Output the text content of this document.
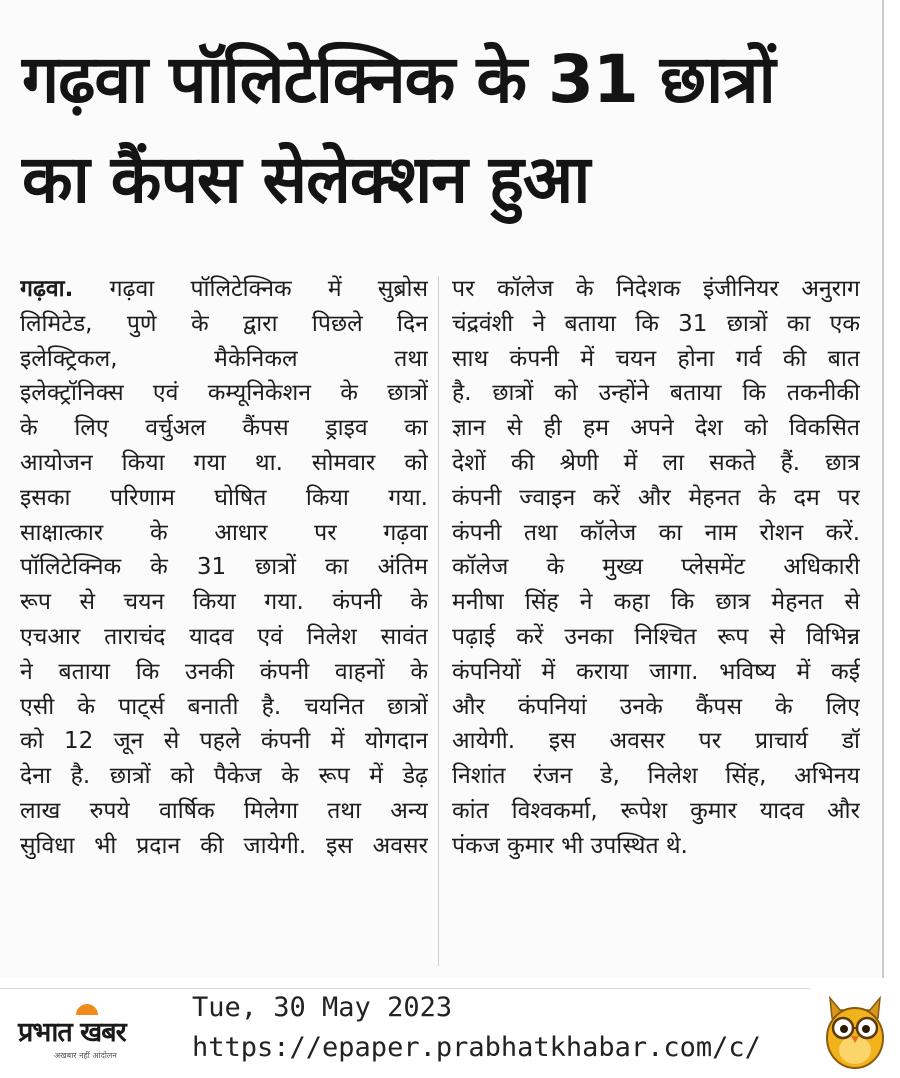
गढ़वा पॉलिटेक्निक के 31 छात्रों
का कैंपस सेलेक्शन हुआ
गढ़वा. गढ़वा पॉलिटेक्निक में सुब्रोस
लिमिटेड, पुणे के द्वारा पिछले दिन
इलेक्ट्रिकल, मैकेनिकल तथा
इलेक्ट्रॉनिक्स एवं कम्यूनिकेशन के छात्रों
के लिए वर्चुअल कैंपस ड्राइव का
आयोजन किया गया था. सोमवार को
इसका परिणाम घोषित किया गया.
साक्षात्कार के आधार पर गढ़वा
पॉलिटेक्निक के 31 छात्रों का अंतिम
रूप से चयन किया गया. कंपनी के
एचआर ताराचंद यादव एवं निलेश सावंत
ने बताया कि उनकी कंपनी वाहनों के
एसी के पाट्‌र्स बनाती है. चयनित छात्रों
को 12 जून से पहले कंपनी में योगदान
देना है. छात्रों को पैकेज के रूप में डेढ़
लाख रुपये वार्षिक मिलेगा तथा अन्य
सुविधा भी प्रदान की जायेगी. इस अवसर
पर कॉलेज के निदेशक इंजीनियर अनुराग
चंद्रवंशी ने बताया कि 31 छात्रों का एक
साथ कंपनी में चयन होना गर्व की बात
है. छात्रों को उन्होंने बताया कि तकनीकी
ज्ञान से ही हम अपने देश को विकसित
देशों की श्रेणी में ला सकते हैं. छात्र
कंपनी ज्वाइन करें और मेहनत के दम पर
कंपनी तथा कॉलेज का नाम रोशन करें.
कॉलेज के मुख्य प्लेसमेंट अधिकारी
मनीषा सिंह ने कहा कि छात्र मेहनत से
पढ़ाई करें उनका निश्चित रूप से विभिन्न
कंपनियों में कराया जागा. भविष्य में कई
और कंपनियां उनके कैंपस के लिए
आयेगी. इस अवसर पर प्राचार्य डॉ
निशांत रंजन डे, निलेश सिंह, अभिनय
कांत विश्वकर्मा, रूपेश कुमार यादव और
पंकज कुमार भी उपस्थित थे.
प्रभात खबर
अखबार नहीं आंदोलन
Tue, 30 May 2023
https://epaper.prabhatkhabar.com/c/
